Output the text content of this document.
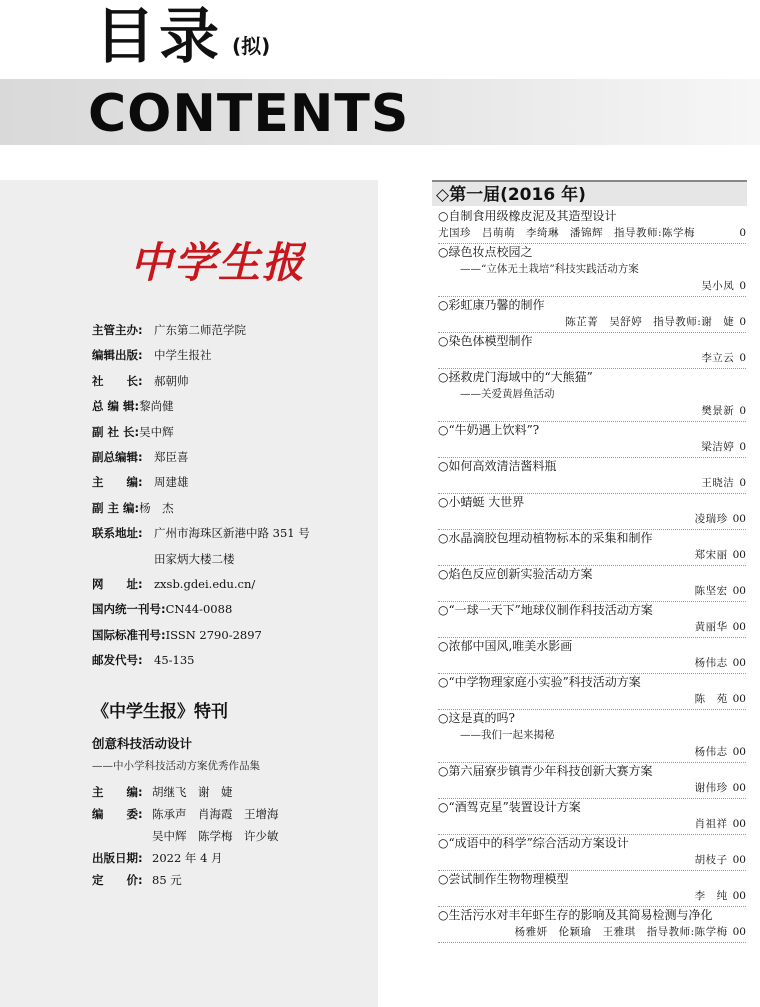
目录 (拟)
CONTENTS
中学生报
主管主办: 广东第二师范学院
编辑出版: 中学生报社
社　　长: 郝朝帅
总 编 辑:黎尚健
副 社 长:吴中辉
副总编辑: 郑臣喜
主　　编: 周建雄
副 主 编:杨　杰
联系地址: 广州市海珠区新港中路 351 号
田家炳大楼二楼
网　　址: zxsb.gdei.edu.cn/
国内统一刊号:CN44-0088
国际标准刊号:ISSN 2790-2897
邮发代号: 45-135
《中学生报》特刊
创意科技活动设计
——中小学科技活动方案优秀作品集
主　　编: 胡继飞　谢　婕
编　　委: 陈承声　肖海霞　王增海
吴中辉　陈学梅　许少敏
出版日期: 2022 年 4 月
定　　价: 85 元
◇第一届(2016 年)
○自制食用级橡皮泥及其造型设计
尤国珍　吕萌萌　李绮琳　潘锦辉　指导教师:陈学梅	0
○绿色妆点校园之
——“立体无土栽培”科技实践活动方案
吴小凤 0
○彩虹康乃馨的制作
陈芷菁　吴舒婷　指导教师:谢　婕 0
○染色体模型制作
李立云 0
○拯救虎门海域中的“大熊猫”
——关爱黄唇鱼活动
樊景新 0
○“牛奶遇上饮料”?
梁洁婷 0
○如何高效清洁酱料瓶
王晓洁 0
○小蜻蜓 大世界
凌瑞珍 00
○水晶滴胶包埋动植物标本的采集和制作
郑宋丽 00
○焰色反应创新实验活动方案
陈坚宏 00
○“一球一天下”地球仪制作科技活动方案
黄丽华 00
○浓郁中国风,唯美水影画
杨伟志 00
○“中学物理家庭小实验”科技活动方案
陈　苑 00
○这是真的吗?
——我们一起来揭秘
杨伟志 00
○第六届寮步镇青少年科技创新大赛方案
谢伟珍 00
○“酒驾克星”装置设计方案
肖祖祥 00
○“成语中的科学”综合活动方案设计
胡枝子 00
○尝试制作生物物理模型
李　纯 00
○生活污水对丰年虾生存的影响及其简易检测与净化
杨雅妍　伦颖瑜　王雅琪　指导教师:陈学梅 00
